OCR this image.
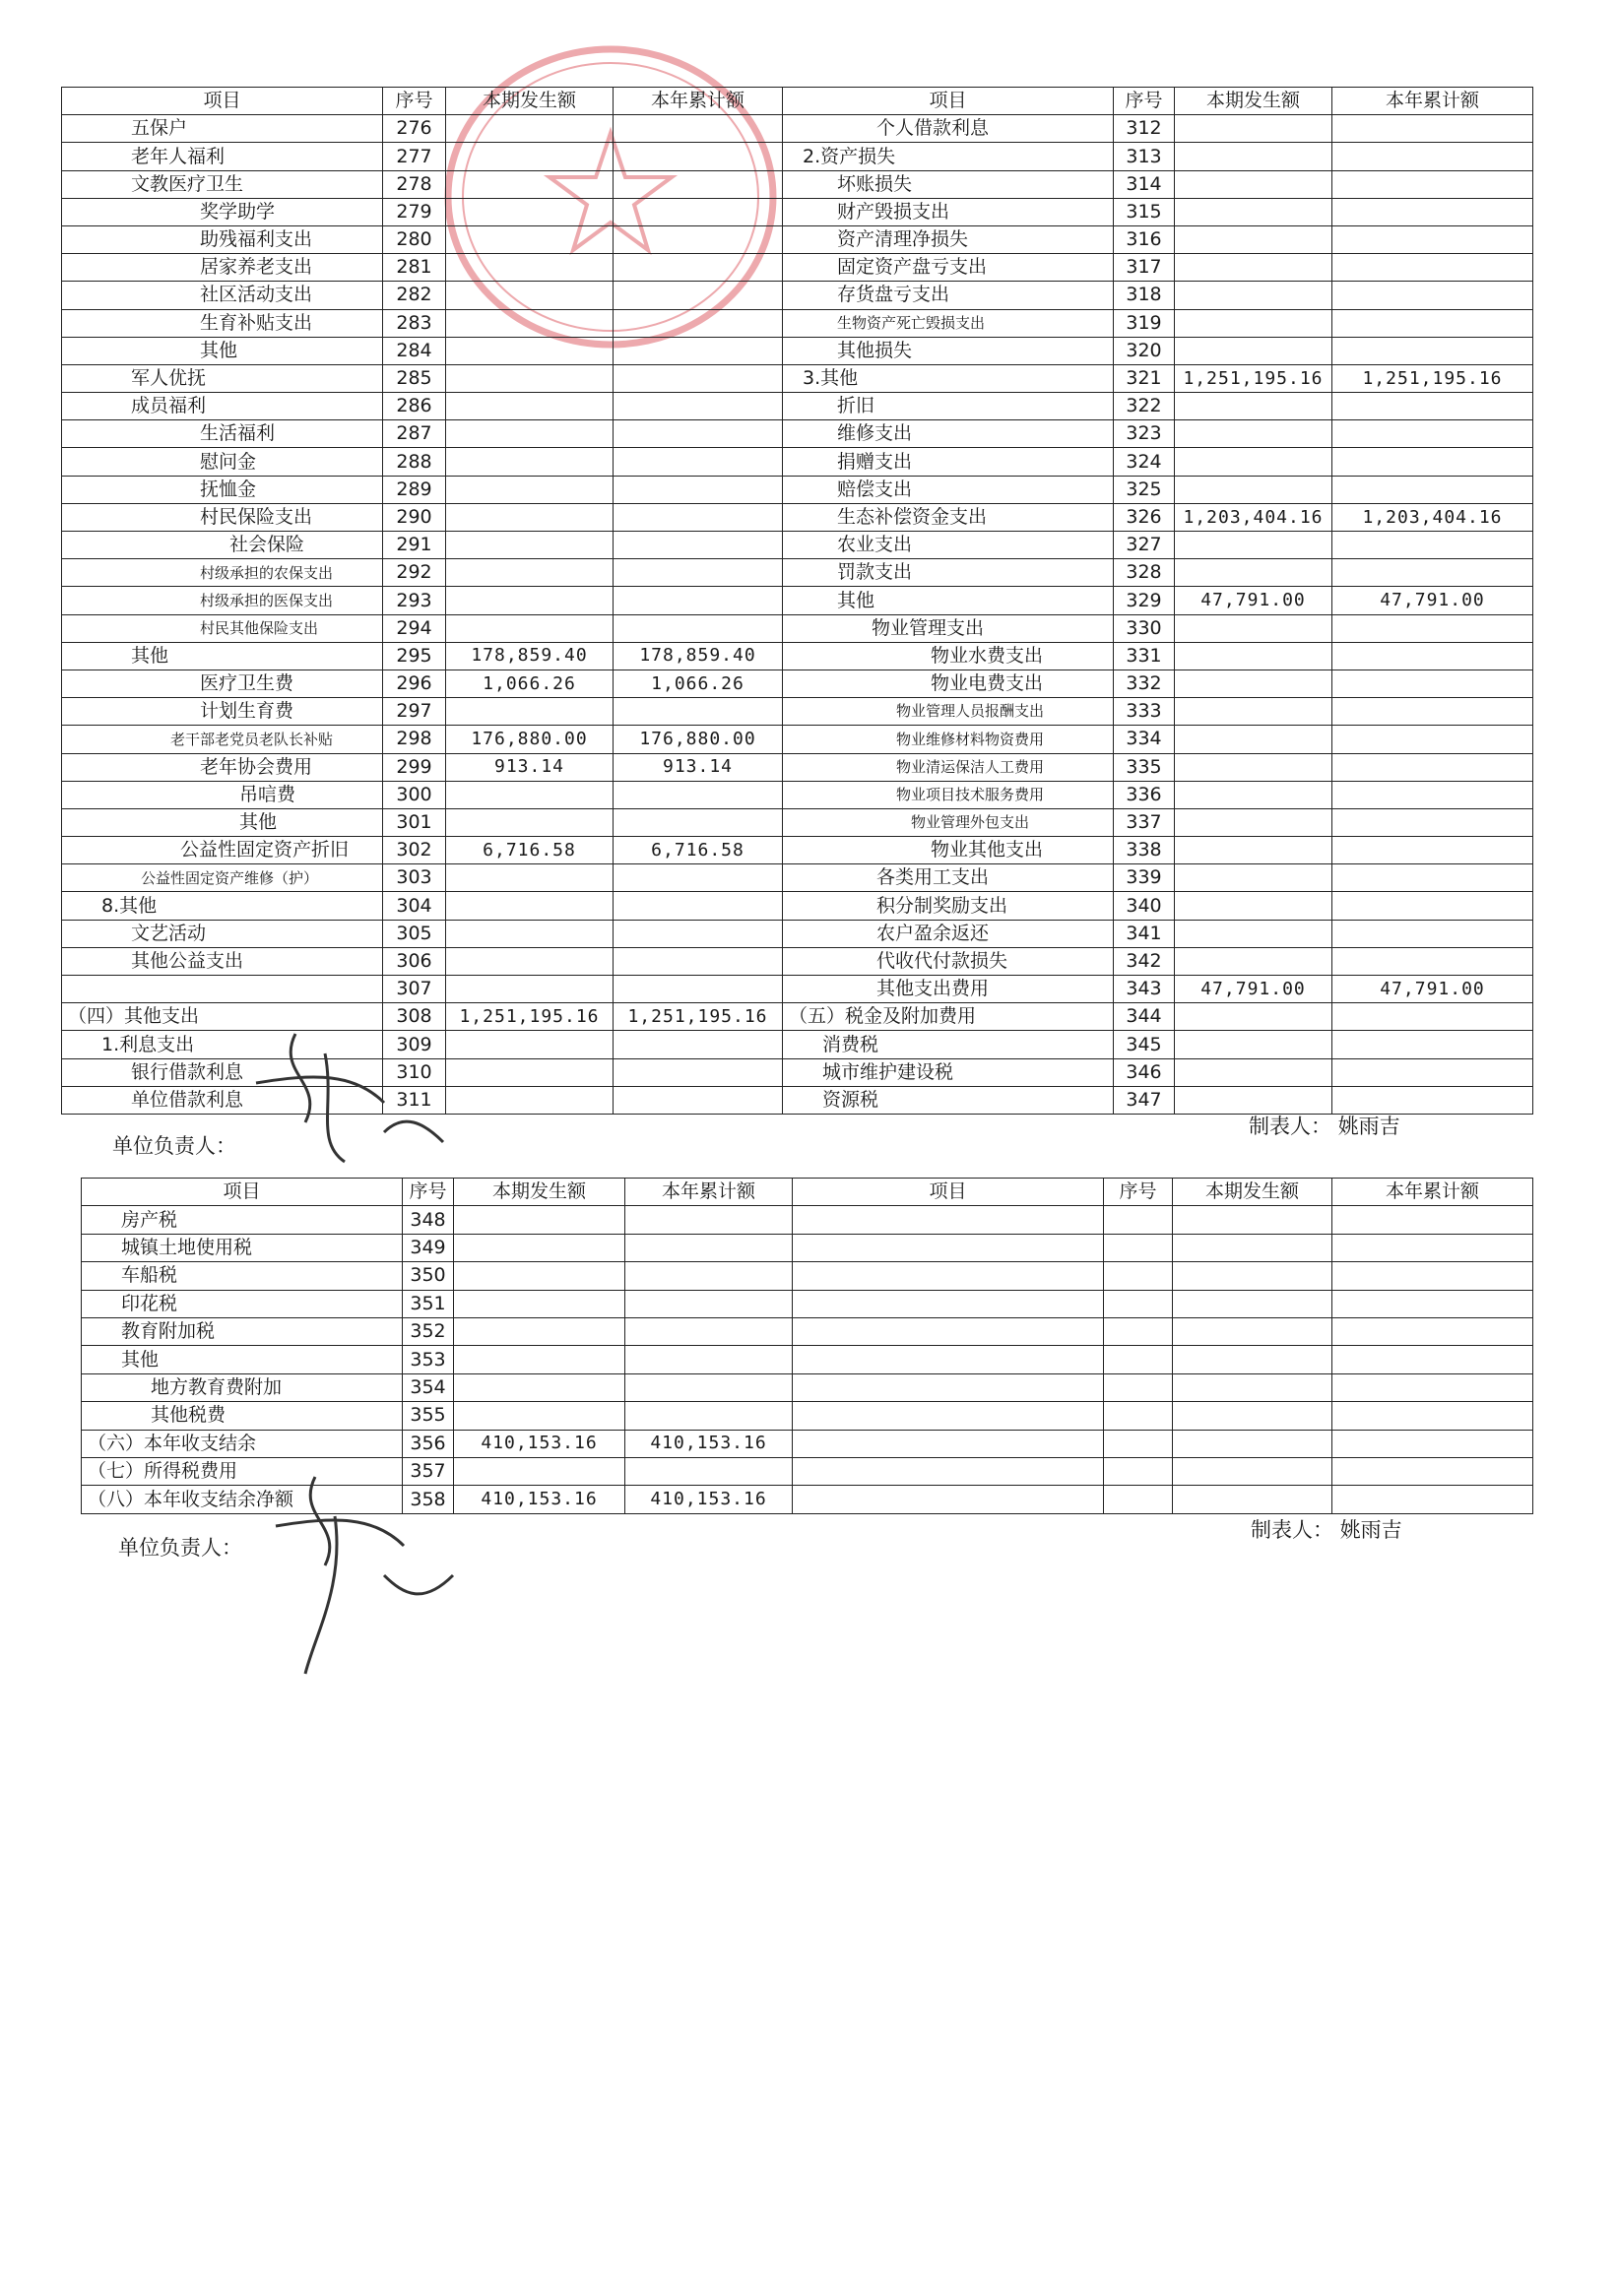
项目	序号	本期发生额	本年累计额	项目	序号	本期发生额	本年累计额
五保户	276			个人借款利息	312		
老年人福利	277			2.资产损失	313		
文教医疗卫生	278			坏账损失	314		
奖学助学	279			财产毁损支出	315		
助残福利支出	280			资产清理净损失	316		
居家养老支出	281			固定资产盘亏支出	317		
社区活动支出	282			存货盘亏支出	318		
生育补贴支出	283			生物资产死亡毁损支出	319		
其他	284			其他损失	320		
军人优抚	285			3.其他	321	1,251,195.16	1,251,195.16
成员福利	286			折旧	322		
生活福利	287			维修支出	323		
慰问金	288			捐赠支出	324		
抚恤金	289			赔偿支出	325		
村民保险支出	290			生态补偿资金支出	326	1,203,404.16	1,203,404.16
社会保险	291			农业支出	327		
村级承担的农保支出	292			罚款支出	328		
村级承担的医保支出	293			其他	329	47,791.00	47,791.00
村民其他保险支出	294			物业管理支出	330		
其他	295	178,859.40	178,859.40	物业水费支出	331		
医疗卫生费	296	1,066.26	1,066.26	物业电费支出	332		
计划生育费	297			物业管理人员报酬支出	333		
老干部老党员老队长补贴	298	176,880.00	176,880.00	物业维修材料物资费用	334		
老年协会费用	299	913.14	913.14	物业清运保洁人工费用	335		
吊唁费	300			物业项目技术服务费用	336		
其他	301			物业管理外包支出	337		
公益性固定资产折旧	302	6,716.58	6,716.58	物业其他支出	338		
公益性固定资产维修（护）	303			各类用工支出	339		
8.其他	304			积分制奖励支出	340		
文艺活动	305			农户盈余返还	341		
其他公益支出	306			代收代付款损失	342		
	307			其他支出费用	343	47,791.00	47,791.00
（四）其他支出	308	1,251,195.16	1,251,195.16	（五）税金及附加费用	344		
1.利息支出	309			消费税	345		
银行借款利息	310			城市维护建设税	346		
单位借款利息	311			资源税	347		
单位负责人：
制表人： 姚雨吉
项目	序号	本期发生额	本年累计额	项目	序号	本期发生额	本年累计额
房产税	348						
城镇土地使用税	349						
车船税	350						
印花税	351						
教育附加税	352						
其他	353						
地方教育费附加	354						
其他税费	355						
（六）本年收支结余	356	410,153.16	410,153.16				
（七）所得税费用	357						
（八）本年收支结余净额	358	410,153.16	410,153.16				
单位负责人：
制表人： 姚雨吉
